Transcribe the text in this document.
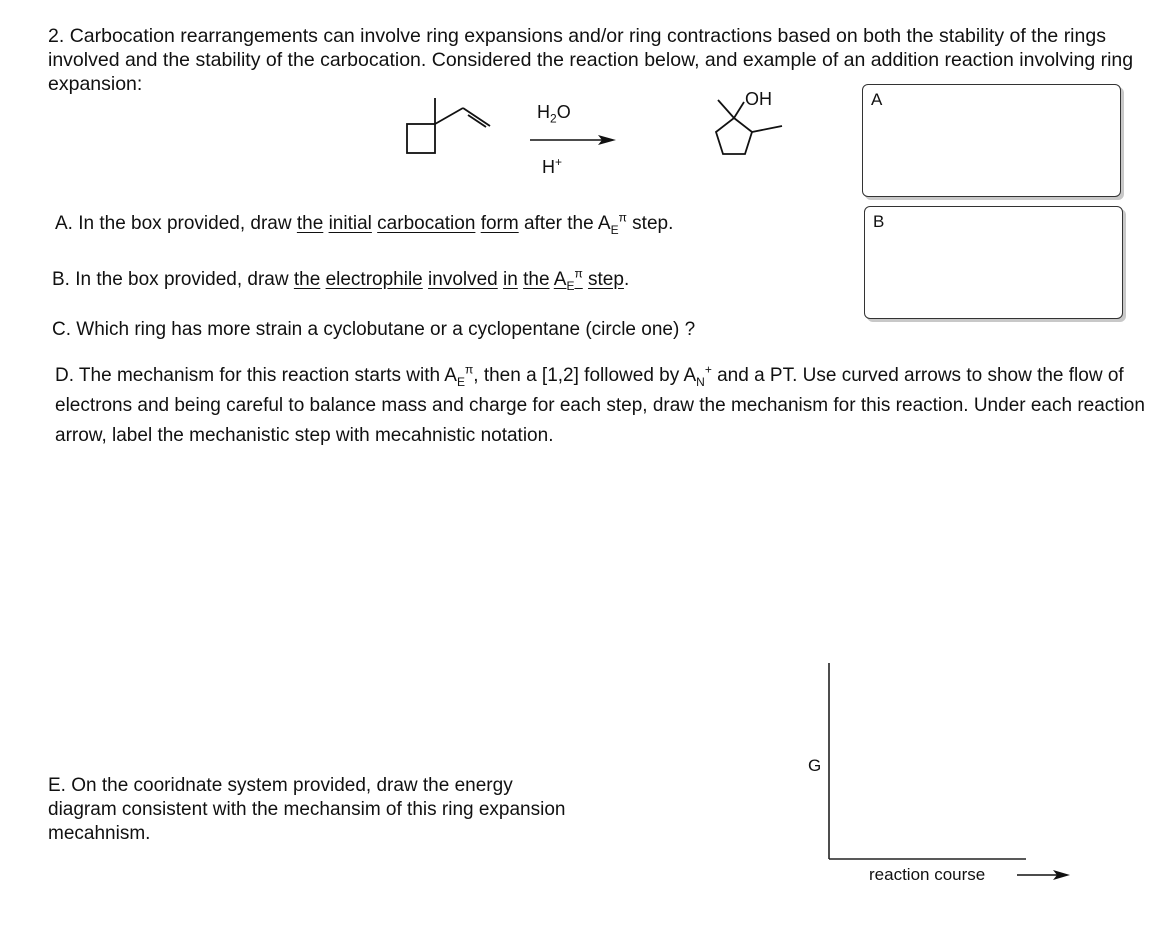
2. Carbocation rearrangements can involve ring expansions and/or ring contractions based on both the stability of the rings involved and the stability of the carbocation. Considered the reaction below, and example of an addition reaction involving ring expansion:

$H_2O$
H+
OH	A
B

A. In the box provided, draw the initial carbocation form after the $A_E^\pi$ step.

B. In the box provided, draw the electrophile involved in the $A_E^\pi$ step.

C. Which ring has more strain a cyclobutane or a cyclopentane (circle one) ?

D. The mechanism for this reaction starts with $A_E^\pi$, then a [1,2] followed by $A_N^+$ and a PT. Use curved arrows to show the flow of electrons and being careful to balance mass and charge for each step, draw the mechanism for this reaction. Under each reaction arrow, label the mechanistic step with mecahnistic notation.

E. On the cooridnate system provided, draw the energy diagram consistent with the mechansim of this ring expansion mecahnism.

G
reaction course
